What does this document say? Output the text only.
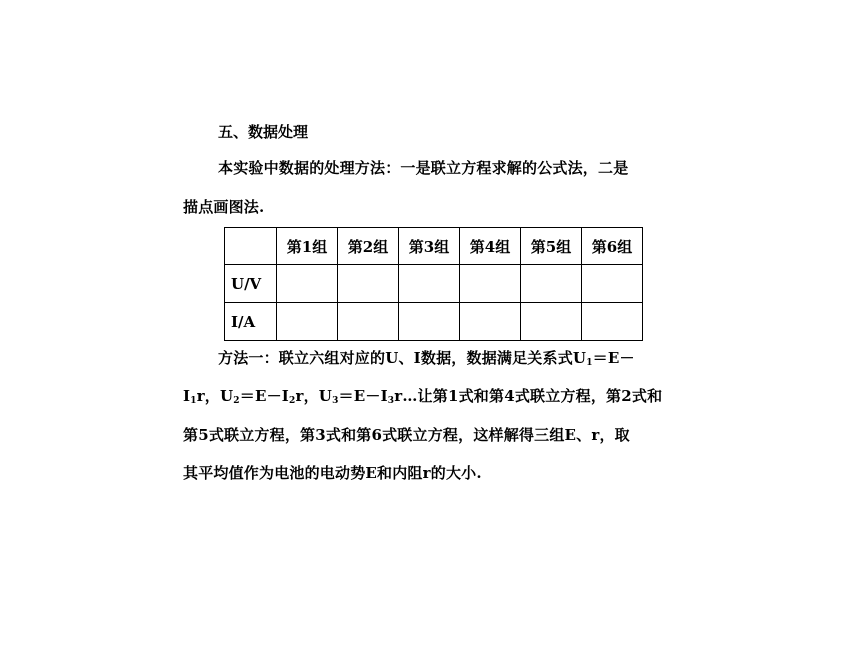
五、数据处理
本实验中数据的处理方法：一是联立方程求解的公式法，二是
描点画图法.
	第1组	第2组	第3组	第4组	第5组	第6组
U/V						
I/A						
方法一：联立六组对应的U、I数据，数据满足关系式$U_1=E-$
$I_1r$，$U_2=E-I_2r$，$U_3=E-I_3r\dots$让第1式和第4式联立方程，第2式和
第5式联立方程，第3式和第6式联立方程，这样解得三组E、r，取
其平均值作为电池的电动势E和内阻r的大小.
